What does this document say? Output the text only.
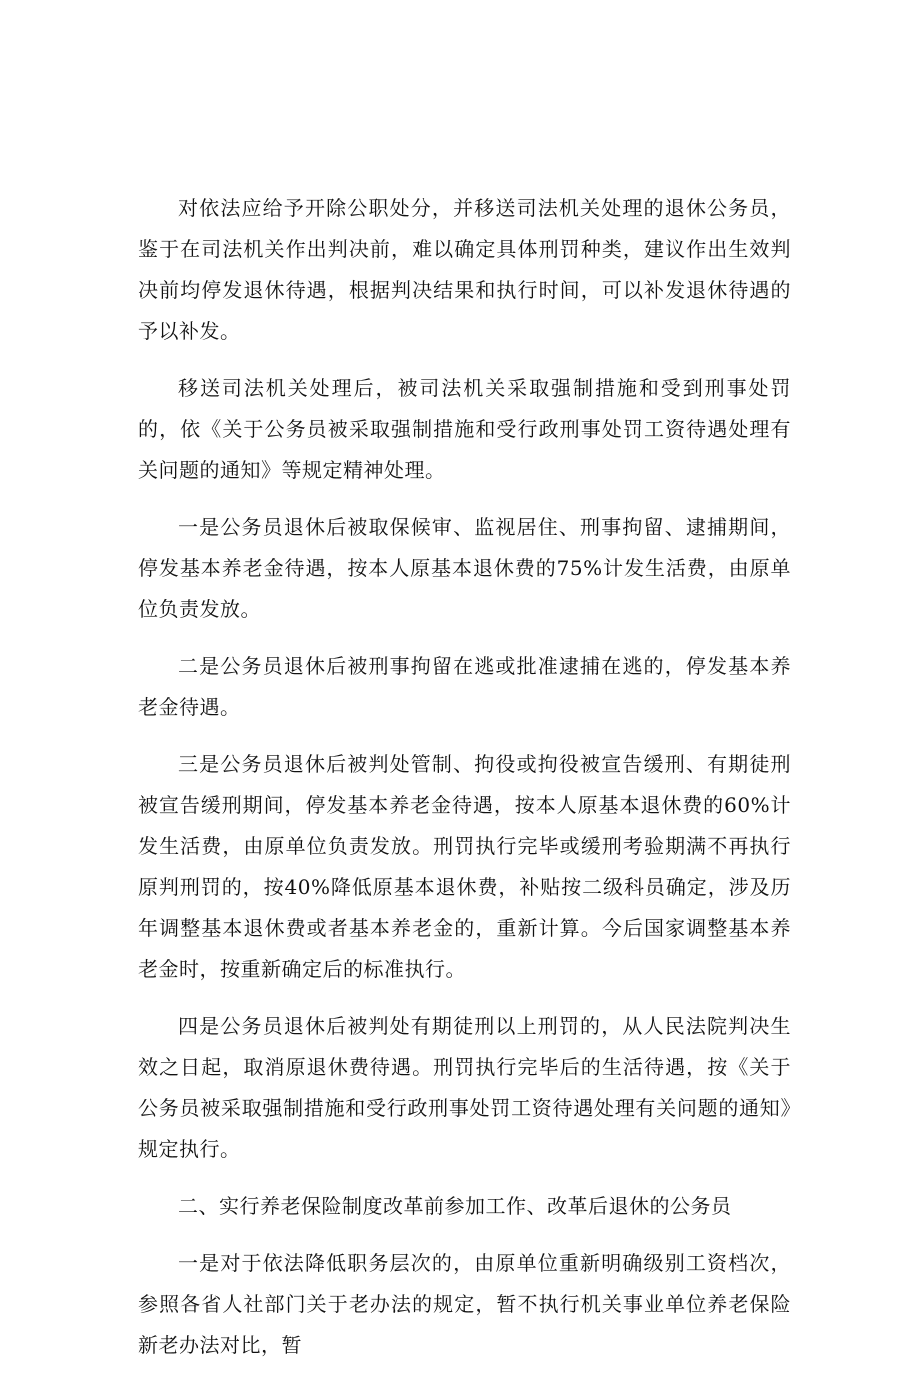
对依法应给予开除公职处分，并移送司法机关处理的退休公务员，鉴于在司法机关作出判决前，难以确定具体刑罚种类，建议作出生效判决前均停发退休待遇，根据判决结果和执行时间，可以补发退休待遇的予以补发。

移送司法机关处理后，被司法机关采取强制措施和受到刑事处罚的，依《关于公务员被采取强制措施和受行政刑事处罚工资待遇处理有关问题的通知》等规定精神处理。

一是公务员退休后被取保候审、监视居住、刑事拘留、逮捕期间，停发基本养老金待遇，按本人原基本退休费的75%计发生活费，由原单位负责发放。

二是公务员退休后被刑事拘留在逃或批准逮捕在逃的，停发基本养老金待遇。

三是公务员退休后被判处管制、拘役或拘役被宣告缓刑、有期徒刑被宣告缓刑期间，停发基本养老金待遇，按本人原基本退休费的60%计发生活费，由原单位负责发放。刑罚执行完毕或缓刑考验期满不再执行原判刑罚的，按40%降低原基本退休费，补贴按二级科员确定，涉及历年调整基本退休费或者基本养老金的，重新计算。今后国家调整基本养老金时，按重新确定后的标准执行。

四是公务员退休后被判处有期徒刑以上刑罚的，从人民法院判决生效之日起，取消原退休费待遇。刑罚执行完毕后的生活待遇，按《关于公务员被采取强制措施和受行政刑事处罚工资待遇处理有关问题的通知》规定执行。

二、实行养老保险制度改革前参加工作、改革后退休的公务员

一是对于依法降低职务层次的，由原单位重新明确级别工资档次，参照各省人社部门关于老办法的规定，暂不执行机关事业单位养老保险新老办法对比，暂
